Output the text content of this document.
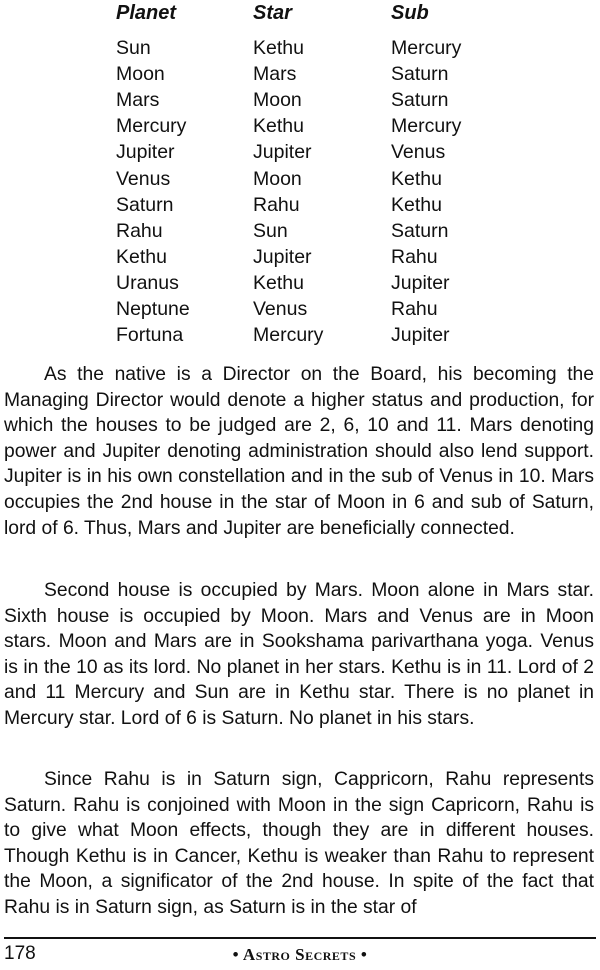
Planet	Star	Sub
Sun	Kethu	Mercury
Moon	Mars	Saturn
Mars	Moon	Saturn
Mercury	Kethu	Mercury
Jupiter	Jupiter	Venus
Venus	Moon	Kethu
Saturn	Rahu	Kethu
Rahu	Sun	Saturn
Kethu	Jupiter	Rahu
Uranus	Kethu	Jupiter
Neptune	Venus	Rahu
Fortuna	Mercury	Jupiter

As the native is a Director on the Board, his becoming the Managing Director would denote a higher status and production, for which the houses to be judged are 2, 6, 10 and 11. Mars denoting power and Jupiter denoting administration should also lend support. Jupiter is in his own constellation and in the sub of Venus in 10. Mars occupies the 2nd house in the star of Moon in 6 and sub of Saturn, lord of 6. Thus, Mars and Jupiter are beneficially connected.

Second house is occupied by Mars. Moon alone in Mars star. Sixth house is occupied by Moon. Mars and Venus are in Moon stars. Moon and Mars are in Sookshama parivarthana yoga. Venus is in the 10 as its lord. No planet in her stars. Kethu is in 11. Lord of 2 and 11 Mercury and Sun are in Kethu star. There is no planet in Mercury star. Lord of 6 is Saturn. No planet in his stars.

Since Rahu is in Saturn sign, Cappricorn, Rahu represents Saturn. Rahu is conjoined with Moon in the sign Capricorn, Rahu is to give what Moon effects, though they are in different houses. Though Kethu is in Cancer, Kethu is weaker than Rahu to represent the Moon, a significator of the 2nd house. In spite of the fact that Rahu is in Saturn sign, as Saturn is in the star of

178	• Astro Secrets •
